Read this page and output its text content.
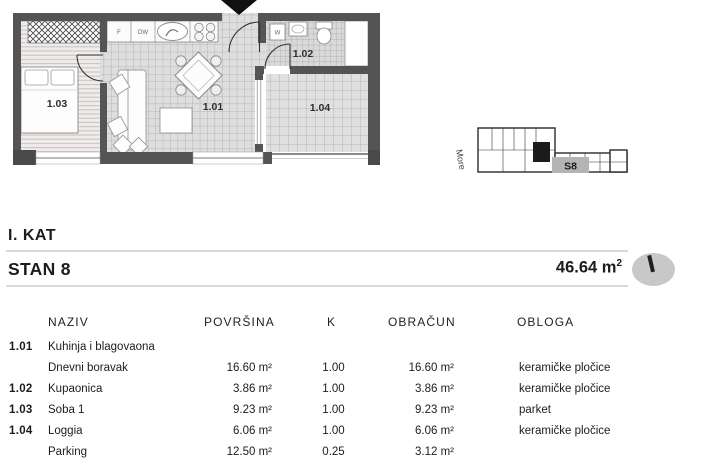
F	DW	W
1.03	1.01
1.02
1.04
More	S8
I. KAT
STAN 8	46.64 $m^2$
NAZIV	POVRŠINA	K	OBRAČUN	OBLOGA
1.01 Kuhinja i blagovaona
Dnevni boravak	16.60 m²	1.00	16.60 m²	keramičke pločice
1.02 Kupaonica	3.86 m²	1.00	3.86 m²	keramičke pločice
1.03 Soba 1	9.23 m²	1.00	9.23 m²	parket
1.04 Loggia	6.06 m²	1.00	6.06 m²	keramičke pločice
Parking	12.50 m²	0.25	3.12 m²
